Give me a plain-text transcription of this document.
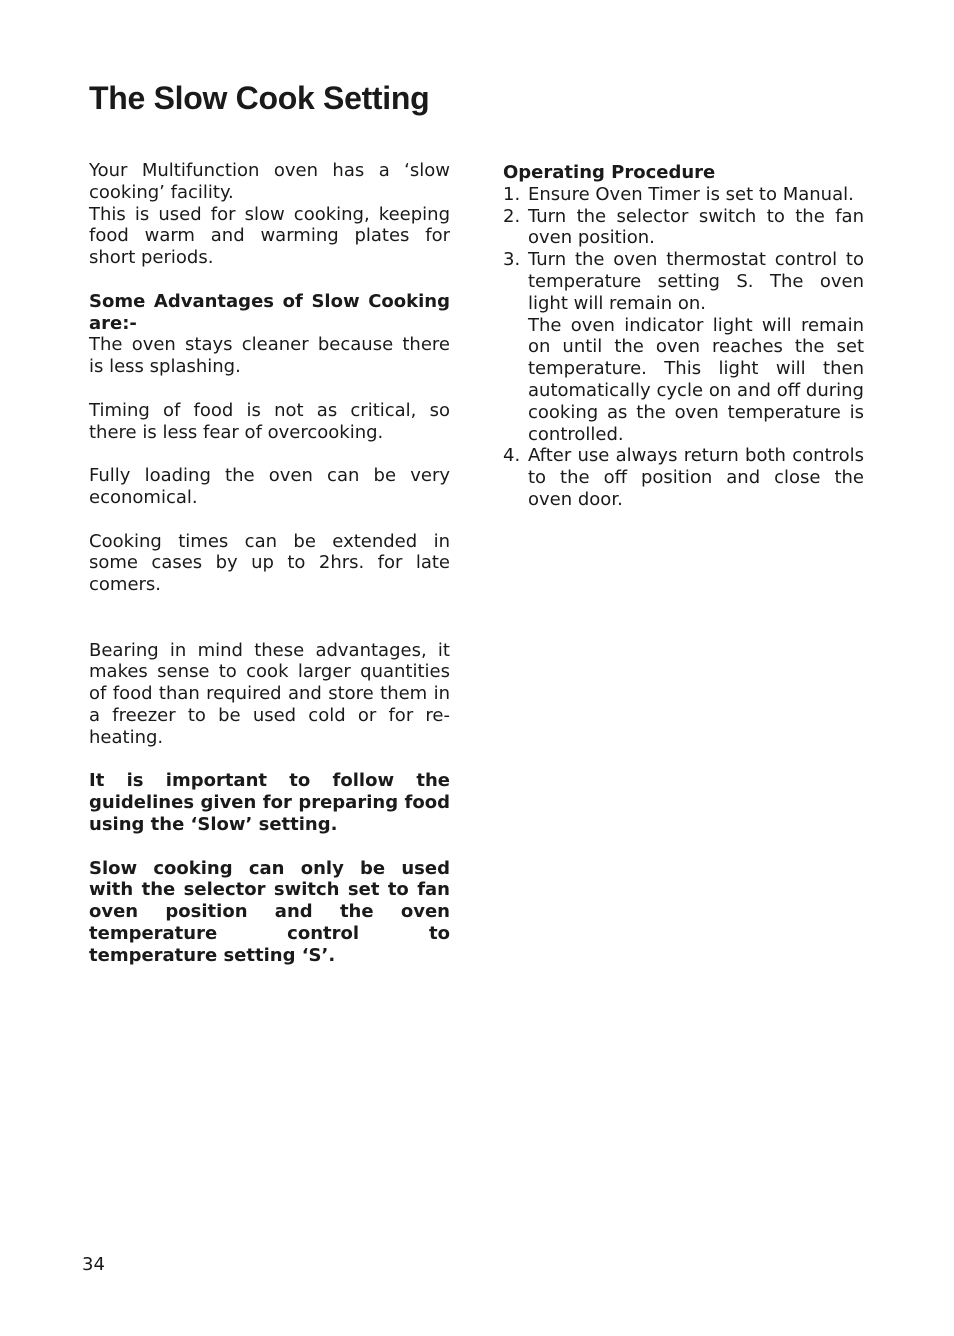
The Slow Cook Setting

Your Multifunction oven has a ‘slow cooking’ facility.

This is used for slow cooking, keeping food warm and warming plates for short periods.

Some Advantages of Slow Cooking are:-

The oven stays cleaner because there is less splashing.

Timing of food is not as critical, so there is less fear of overcooking.

Fully loading the oven can be very economical.

Cooking times can be extended in some cases by up to 2hrs. for late comers.

Bearing in mind these advantages, it makes sense to cook larger quantities of food than required and store them in a freezer to be used cold or for re-heating.

It is important to follow the guidelines given for preparing food using the ‘Slow’ setting.

Slow cooking can only be used with the selector switch set to fan oven position and the oven temperature control to temperature setting ‘S’.

Operating Procedure

1. Ensure Oven Timer is set to Manual.
2. Turn the selector switch to the fan oven position.
3. Turn the oven thermostat control to temperature setting S. The oven light will remain on.
The oven indicator light will remain on until the oven reaches the set temperature. This light will then automatically cycle on and off during cooking as the oven temperature is controlled.
4. After use always return both controls to the off position and close the oven door.
34
